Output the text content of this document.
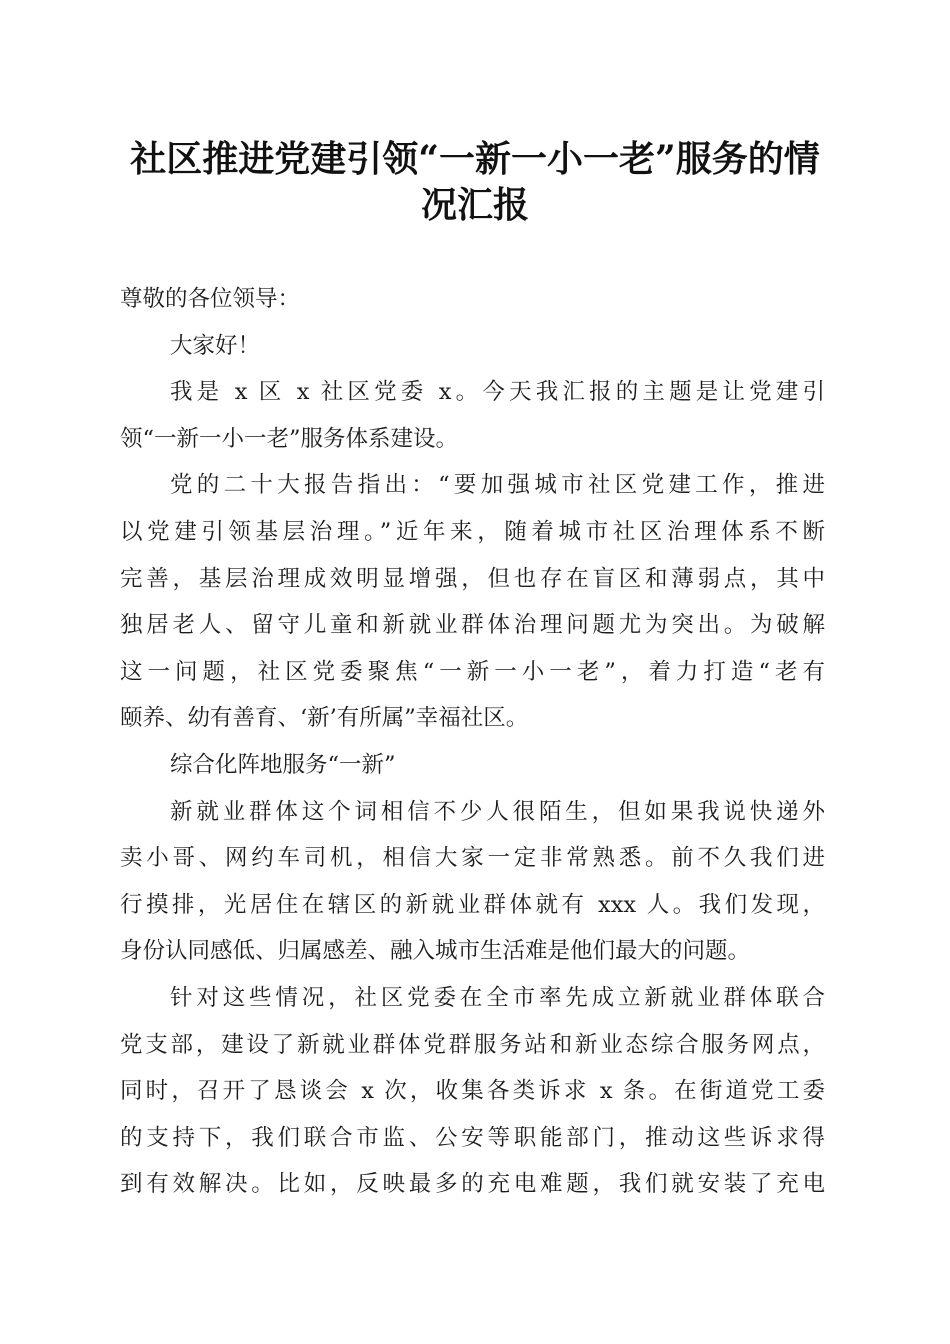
社区推进党建引领“一新一小一老”服务的情
况汇报

尊敬的各位领导：

大家好！

我是 x 区 x 社区党委 x。今天我汇报的主题是让党建引
领“一新一小一老”服务体系建设。

党的二十大报告指出：“要加强城市社区党建工作，推进
以党建引领基层治理。”近年来，随着城市社区治理体系不断
完善，基层治理成效明显增强，但也存在盲区和薄弱点，其中
独居老人、留守儿童和新就业群体治理问题尤为突出。为破解
这一问题，社区党委聚焦“一新一小一老”，着力打造“老有
颐养、幼有善育、‘新’有所属”幸福社区。

综合化阵地服务“一新”

新就业群体这个词相信不少人很陌生，但如果我说快递外
卖小哥、网约车司机，相信大家一定非常熟悉。前不久我们进
行摸排，光居住在辖区的新就业群体就有 xxx 人。我们发现，
身份认同感低、归属感差、融入城市生活难是他们最大的问题。

针对这些情况，社区党委在全市率先成立新就业群体联合
党支部，建设了新就业群体党群服务站和新业态综合服务网点，
同时，召开了恳谈会 x 次，收集各类诉求 x 条。在街道党工委
的支持下，我们联合市监、公安等职能部门，推动这些诉求得
到有效解决。比如，反映最多的充电难题，我们就安装了充电
